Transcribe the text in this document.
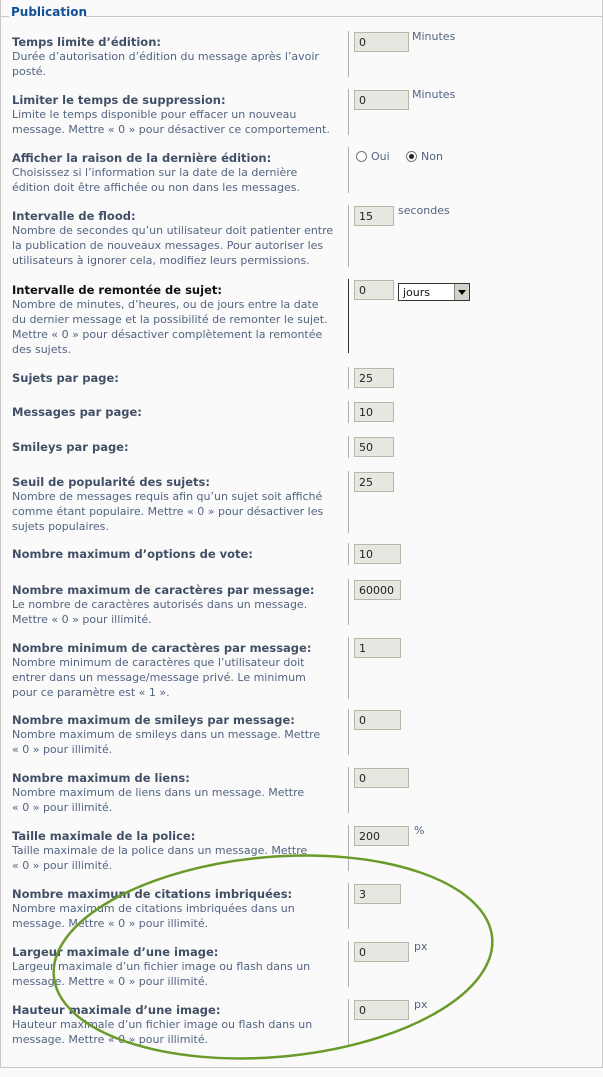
Publication
Temps limite d’édition:
Durée d’autorisation d’édition du message après l’avoir
posté.
0	Minutes
Limiter le temps de suppression:
Limite le temps disponible pour effacer un nouveau
message. Mettre « 0 » pour désactiver ce comportement.
0	Minutes
Afficher la raison de la dernière édition:
Choisissez si l’information sur la date de la dernière
édition doit être affichée ou non dans les messages.
Oui	Non
Intervalle de flood:
Nombre de secondes qu’un utilisateur doit patienter entre
la publication de nouveaux messages. Pour autoriser les
utilisateurs à ignorer cela, modifiez leurs permissions.
15	secondes
Intervalle de remontée de sujet:
Nombre de minutes, d’heures, ou de jours entre la date
du dernier message et la possibilité de remonter le sujet.
Mettre « 0 » pour désactiver complètement la remontée
des sujets.
0	jours
Sujets par page:	25
Messages par page:	10
Smileys par page:	50
Seuil de popularité des sujets:
Nombre de messages requis afin qu’un sujet soit affiché
comme étant populaire. Mettre « 0 » pour désactiver les
sujets populaires.
25
Nombre maximum d’options de vote:	10
Nombre maximum de caractères par message:
Le nombre de caractères autorisés dans un message.
Mettre « 0 » pour illimité.
60000
Nombre minimum de caractères par message:
Nombre minimum de caractères que l’utilisateur doit
entrer dans un message/message privé. Le minimum
pour ce paramètre est « 1 ».
1
Nombre maximum de smileys par message:
Nombre maximum de smileys dans un message. Mettre
« 0 » pour illimité.
0
Nombre maximum de liens:
Nombre maximum de liens dans un message. Mettre
« 0 » pour illimité.
0
Taille maximale de la police:
Taille maximale de la police dans un message. Mettre
« 0 » pour illimité.
200	%
Nombre maximum de citations imbriquées:
Nombre maximum de citations imbriquées dans un
message. Mettre « 0 » pour illimité.
3
Largeur maximale d’une image:
Largeur maximale d’un fichier image ou flash dans un
message. Mettre « 0 » pour illimité.
0	px
Hauteur maximale d’une image:
Hauteur maximale d’un fichier image ou flash dans un
message. Mettre « 0 » pour illimité.
0	px
